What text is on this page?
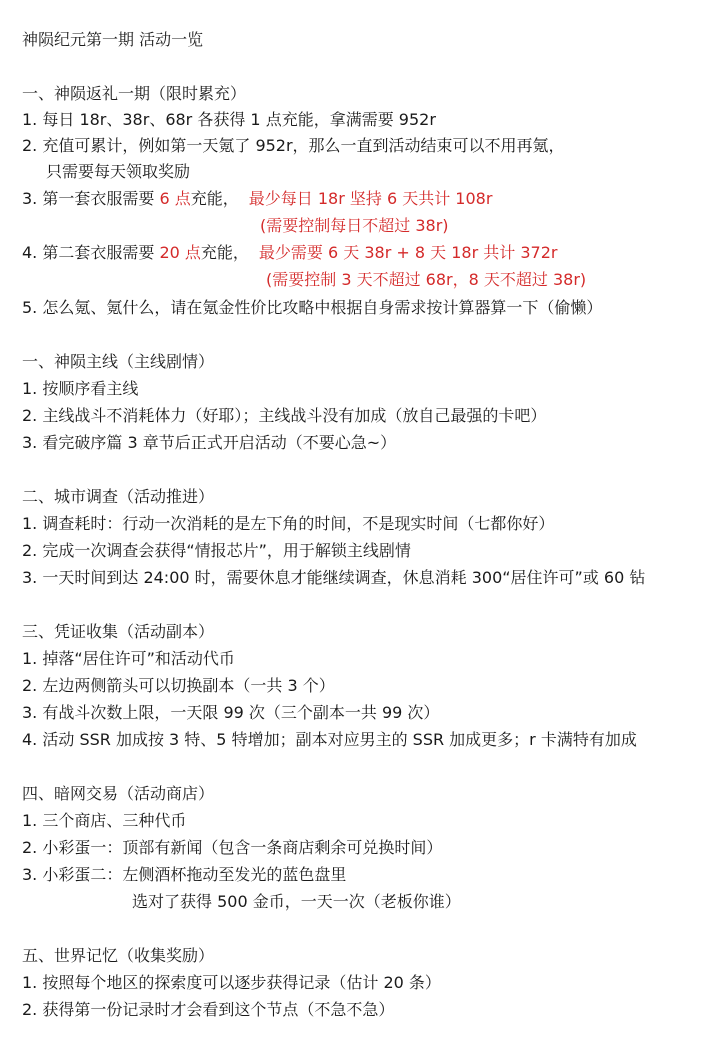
神陨纪元第一期 活动一览
一、神陨返礼一期（限时累充）
1. 每日 18r、38r、68r 各获得 1 点充能，拿满需要 952r
2. 充值可累计，例如第一天氪了 952r，那么一直到活动结束可以不用再氪，
只需要每天领取奖励
3. 第一套衣服需要 6 点充能， 最少每日 18r 坚持 6 天共计 108r
(需要控制每日不超过 38r)
4. 第二套衣服需要 20 点充能， 最少需要 6 天 38r + 8 天 18r 共计 372r
(需要控制 3 天不超过 68r，8 天不超过 38r)
5. 怎么氪、氪什么，请在氪金性价比攻略中根据自身需求按计算器算一下（偷懒）
一、神陨主线（主线剧情）
1. 按顺序看主线
2. 主线战斗不消耗体力（好耶）；主线战斗没有加成（放自己最强的卡吧）
3. 看完破序篇 3 章节后正式开启活动（不要心急~）
二、城市调查（活动推进）
1. 调查耗时：行动一次消耗的是左下角的时间，不是现实时间（七都你好）
2. 完成一次调查会获得“情报芯片”，用于解锁主线剧情
3. 一天时间到达 24:00 时，需要休息才能继续调查，休息消耗 300“居住许可”或 60 钻
三、凭证收集（活动副本）
1. 掉落“居住许可”和活动代币
2. 左边两侧箭头可以切换副本（一共 3 个）
3. 有战斗次数上限，一天限 99 次（三个副本一共 99 次）
4. 活动 SSR 加成按 3 特、5 特增加；副本对应男主的 SSR 加成更多；r 卡满特有加成
四、暗网交易（活动商店）
1. 三个商店、三种代币
2. 小彩蛋一：顶部有新闻（包含一条商店剩余可兑换时间）
3. 小彩蛋二：左侧酒杯拖动至发光的蓝色盘里
选对了获得 500 金币，一天一次（老板你谁）
五、世界记忆（收集奖励）
1. 按照每个地区的探索度可以逐步获得记录（估计 20 条）
2. 获得第一份记录时才会看到这个节点（不急不急）
